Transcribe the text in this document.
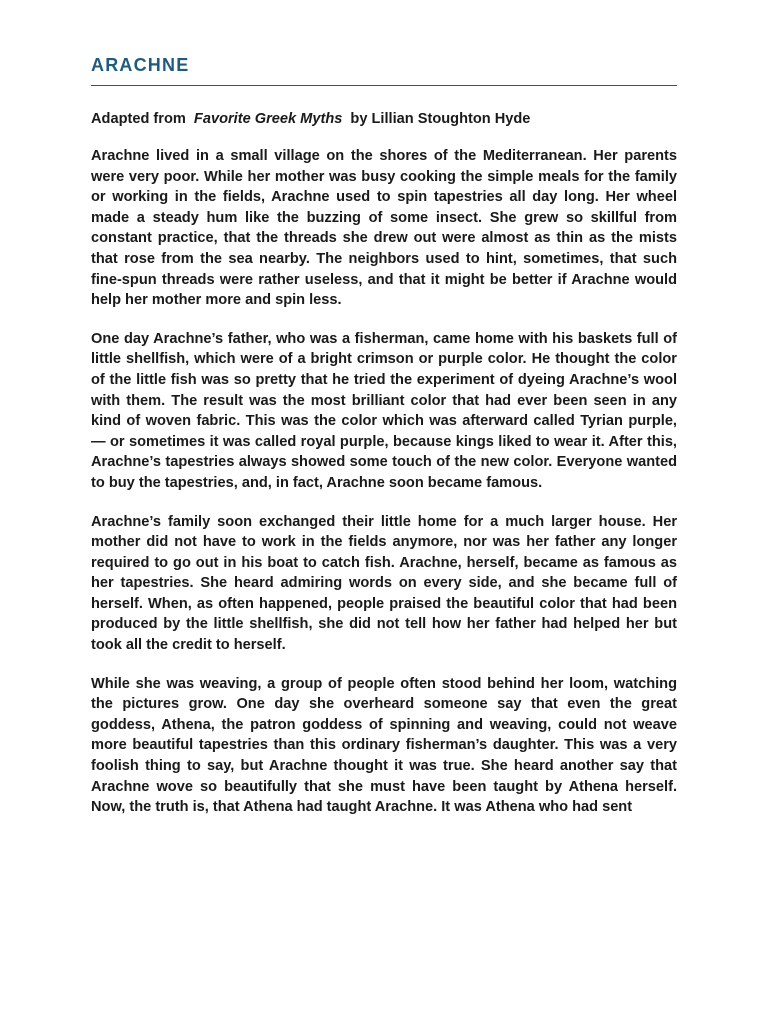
ARACHNE
Adapted from Favorite Greek Myths by Lillian Stoughton Hyde

Arachne lived in a small village on the shores of the Mediterranean. Her parents were very poor. While her mother was busy cooking the simple meals for the family or working in the fields, Arachne used to spin tapestries all day long. Her wheel made a steady hum like the buzzing of some insect. She grew so skillful from constant practice, that the threads she drew out were almost as thin as the mists that rose from the sea nearby. The neighbors used to hint, sometimes, that such fine-spun threads were rather useless, and that it might be better if Arachne would help her mother more and spin less.

One day Arachne’s father, who was a fisherman, came home with his baskets full of little shellfish, which were of a bright crimson or purple color. He thought the color of the little fish was so pretty that he tried the experiment of dyeing Arachne’s wool with them. The result was the most brilliant color that had ever been seen in any kind of woven fabric. This was the color which was afterward called Tyrian purple, — or sometimes it was called royal purple, because kings liked to wear it. After this, Arachne’s tapestries always showed some touch of the new color. Everyone wanted to buy the tapestries, and, in fact, Arachne soon became famous.

Arachne’s family soon exchanged their little home for a much larger house. Her mother did not have to work in the fields anymore, nor was her father any longer required to go out in his boat to catch fish. Arachne, herself, became as famous as her tapestries. She heard admiring words on every side, and she became full of herself. When, as often happened, people praised the beautiful color that had been produced by the little shellfish, she did not tell how her father had helped her but took all the credit to herself.

While she was weaving, a group of people often stood behind her loom, watching the pictures grow. One day she overheard someone say that even the great goddess, Athena, the patron goddess of spinning and weaving, could not weave more beautiful tapestries than this ordinary fisherman’s daughter. This was a very foolish thing to say, but Arachne thought it was true. She heard another say that Arachne wove so beautifully that she must have been taught by Athena herself. Now, the truth is, that Athena had taught Arachne. It was Athena who had sent
